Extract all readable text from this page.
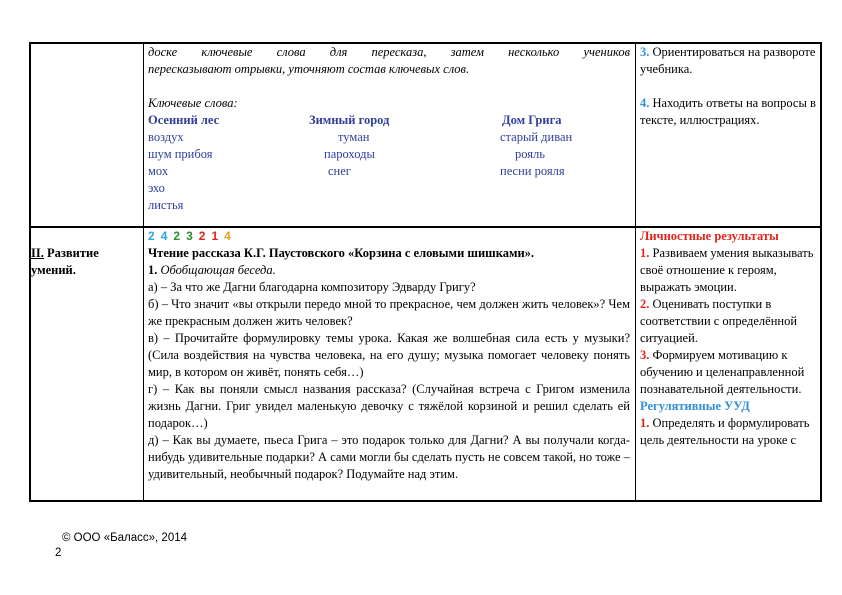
доске ключевые слова для пересказа, затем несколько учеников
пересказывают отрывки, уточняют состав ключевых слов.
Ключевые слова:
Осенний лес	Зимный город	Дом Грига
воздух	туман	старый диван
шум прибоя	пароходы	рояль
мох	снег	песни рояля
эхо
листья
3. Ориентироваться на развороте учебника.
4. Находить ответы на вопросы в тексте, иллюстрациях.
II. Развитие умений.
2 4 2 3 2 1 4
Чтение рассказа К.Г. Паустовского «Корзина с еловыми шишками».
1. Обобщающая беседа.
а) – За что же Дагни благодарна композитору Эдварду Григу?
б) – Что значит «вы открыли передо мной то прекрасное, чем должен жить человек»? Чем же прекрасным должен жить человек?
в) – Прочитайте формулировку темы урока. Какая же волшебная сила есть у музыки? (Сила воздействия на чувства человека, на его душу; музыка помогает человеку понять мир, в котором он живёт, понять себя…)
г) – Как вы поняли смысл названия рассказа? (Случайная встреча с Григом изменила жизнь Дагни. Григ увидел маленькую девочку с тяжёлой корзиной и решил сделать ей подарок…)
д) – Как вы думаете, пьеса Грига – это подарок только для Дагни? А вы получали когда-нибудь удивительные подарки? А сами могли бы сделать пусть не совсем такой, но тоже – удивительный, необычный подарок? Подумайте над этим.
Личностные результаты
1. Развиваем умения выказывать своё отношение к героям, выражать эмоции.
2. Оценивать поступки в соответствии с определённой ситуацией.
3. Формируем мотивацию к обучению и целенаправленной познавательной деятельности.
Регулятивные УУД
1. Определять и формулировать цель деятельности на уроке с
© ООО «Баласс», 2014
2
